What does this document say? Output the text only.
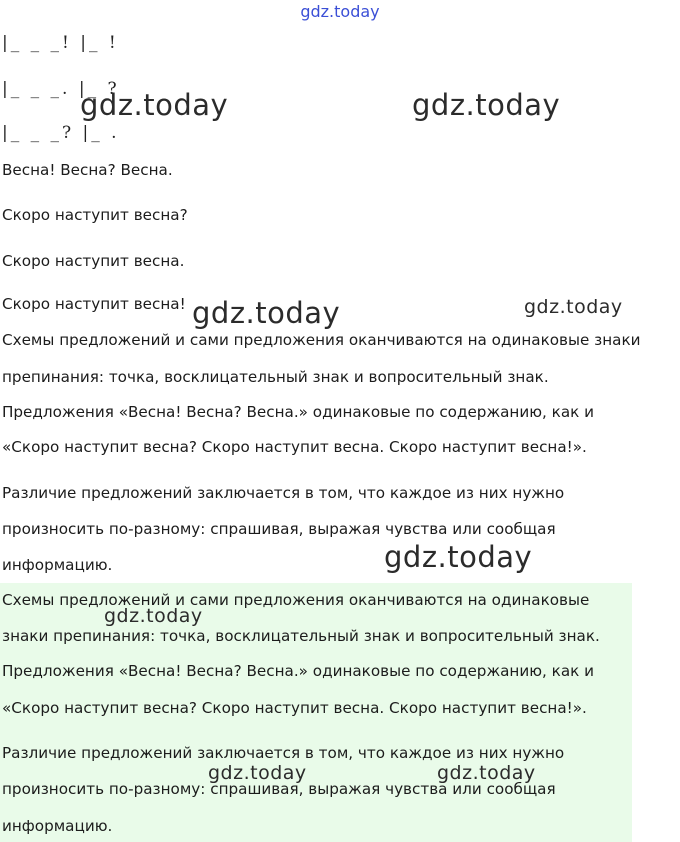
gdz.today
|_ _ _! |_ !
|_ _ _. |_ ?
|_ _ _? |_ .
Весна! Весна? Весна.
Скоро наступит весна?
Скоро наступит весна.
Скоро наступит весна!
Схемы предложений и сами предложения оканчиваются на одинаковые знаки
препинания: точка, восклицательный знак и вопросительный знак.
Предложения «Весна! Весна? Весна.» одинаковые по содержанию, как и
«Скоро наступит весна? Скоро наступит весна. Скоро наступит весна!».
Различие предложений заключается в том, что каждое из них нужно
произносить по-разному: спрашивая, выражая чувства или сообщая
информацию.
Схемы предложений и сами предложения оканчиваются на одинаковые
знаки препинания: точка, восклицательный знак и вопросительный знак.
Предложения «Весна! Весна? Весна.» одинаковые по содержанию, как и
«Скоро наступит весна? Скоро наступит весна. Скоро наступит весна!».
Различие предложений заключается в том, что каждое из них нужно
произносить по-разному: спрашивая, выражая чувства или сообщая
информацию.
gdz.today	gdz.today
gdz.today	gdz.today
gdz.today
gdz.today
gdz.today	gdz.today
